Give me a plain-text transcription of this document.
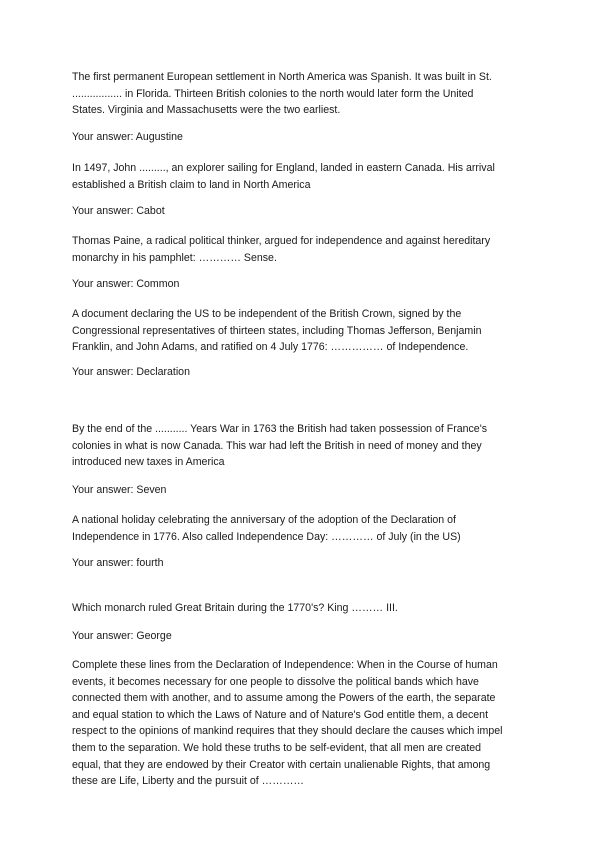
The first permanent European settlement in North America was Spanish. It was built in St.
................. in Florida. Thirteen British colonies to the north would later form the United
States. Virginia and Massachusetts were the two earliest.

Your answer: Augustine

In 1497, John ........., an explorer sailing for England, landed in eastern Canada. His arrival
established a British claim to land in North America

Your answer: Cabot

Thomas Paine, a radical political thinker, argued for independence and against hereditary
monarchy in his pamphlet: ………… Sense.

Your answer: Common

A document declaring the US to be independent of the British Crown, signed by the
Congressional representatives of thirteen states, including Thomas Jefferson, Benjamin
Franklin, and John Adams, and ratified on 4 July 1776: …………… of Independence.

Your answer: Declaration

By the end of the ........... Years War in 1763 the British had taken possession of France's
colonies in what is now Canada. This war had left the British in need of money and they
introduced new taxes in America

Your answer: Seven

A national holiday celebrating the anniversary of the adoption of the Declaration of
Independence in 1776. Also called Independence Day: ………… of July (in the US)

Your answer: fourth

Which monarch ruled Great Britain during the 1770's? King ……… III.

Your answer: George

Complete these lines from the Declaration of Independence: When in the Course of human
events, it becomes necessary for one people to dissolve the political bands which have
connected them with another, and to assume among the Powers of the earth, the separate
and equal station to which the Laws of Nature and of Nature's God entitle them, a decent
respect to the opinions of mankind requires that they should declare the causes which impel
them to the separation. We hold these truths to be self-evident, that all men are created
equal, that they are endowed by their Creator with certain unalienable Rights, that among
these are Life, Liberty and the pursuit of …………
